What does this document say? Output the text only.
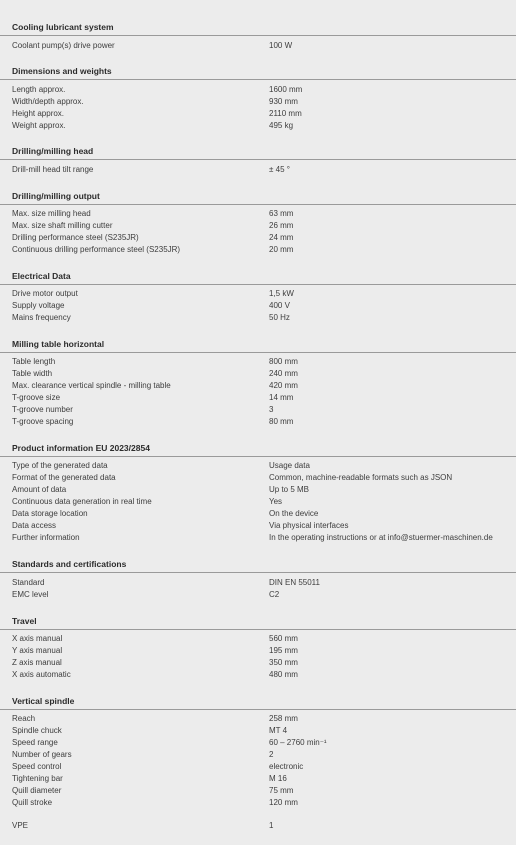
Cooling lubricant system
Coolant pump(s) drive power	100 W
Dimensions and weights
Length approx.	1600 mm
Width/depth approx.	930 mm
Height approx.	2110 mm
Weight approx.	495 kg
Drilling/milling head
Drill-mill head tilt range	± 45 °
Drilling/milling output
Max. size milling head	63 mm
Max. size shaft milling cutter	26 mm
Drilling performance steel (S235JR)	24 mm
Continuous drilling performance steel (S235JR)	20 mm
Electrical Data
Drive motor output	1,5 kW
Supply voltage	400 V
Mains frequency	50 Hz
Milling table horizontal
Table length	800 mm
Table width	240 mm
Max. clearance vertical spindle - milling table	420 mm
T-groove size	14 mm
T-groove number	3
T-groove spacing	80 mm
Product information EU 2023/2854
Type of the generated data	Usage data
Format of the generated data	Common, machine-readable formats such as JSON
Amount of data	Up to 5 MB
Continuous data generation in real time	Yes
Data storage location	On the device
Data access	Via physical interfaces
Further information	In the operating instructions or at info@stuermer-maschinen.de
Standards and certifications
Standard	DIN EN 55011
EMC level	C2
Travel
X axis manual	560 mm
Y axis manual	195 mm
Z axis manual	350 mm
X axis automatic	480 mm
Vertical spindle
Reach	258 mm
Spindle chuck	MT 4
Speed range	60 – 2760 min⁻¹
Number of gears	2
Speed control	electronic
Tightening bar	M 16
Quill diameter	75 mm
Quill stroke	120 mm
VPE	1
